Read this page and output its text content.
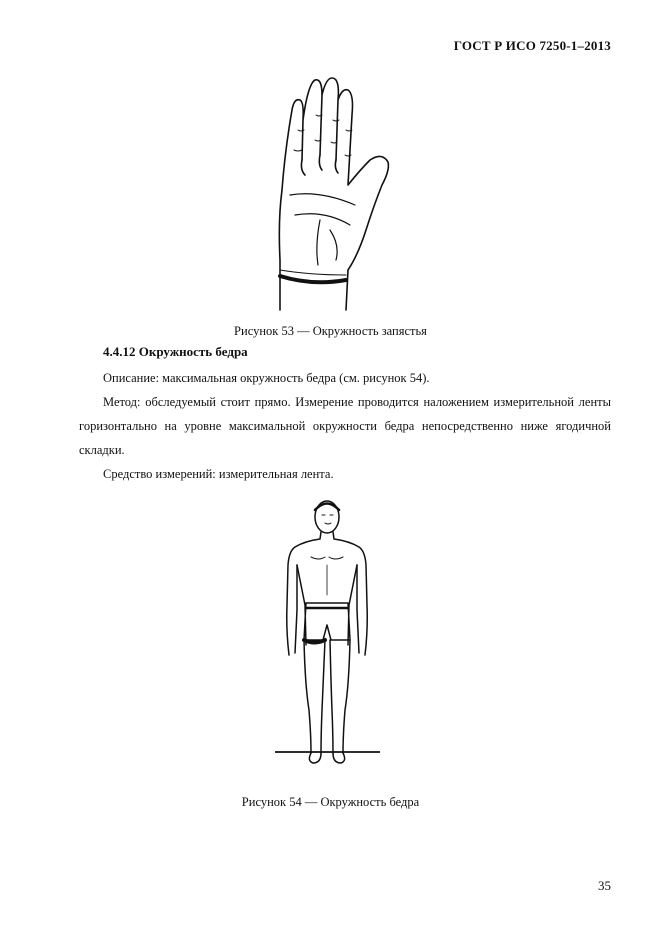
ГОСТ Р ИСО 7250-1–2013
Рисунок 53 — Окружность запястья
4.4.12 Окружность бедра
Описание: максимальная окружность бедра (см. рисунок 54).
Метод: обследуемый стоит прямо. Измерение проводится наложением измерительной ленты горизонтально на уровне максимальной окружности бедра непосредственно ниже ягодичной складки.
Средство измерений: измерительная лента.
Рисунок 54 — Окружность бедра
35
